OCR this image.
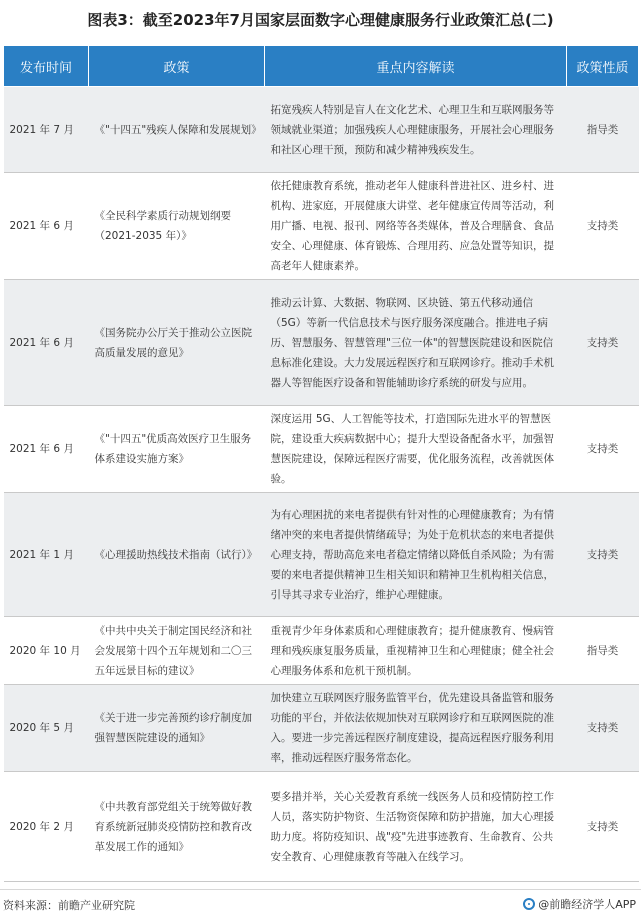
图表3：截至2023年7月国家层面数字心理健康服务行业政策汇总(二)
发布时间	政策	重点内容解读	政策性质
2021 年 7 月	《"十四五"残疾人保障和发展规划》	拓宽残疾人特别是盲人在文化艺术、心理卫生和互联网服务等领域就业渠道；加强残疾人心理健康服务，开展社会心理服务和社区心理干预，预防和减少精神残疾发生。	指导类
2021 年 6 月	《全民科学素质行动规划纲要（2021-2035 年）》	依托健康教育系统，推动老年人健康科普进社区、进乡村、进机构、进家庭，开展健康大讲堂、老年健康宣传周等活动，利用广播、电视、报刊、网络等各类媒体，普及合理膳食、食品安全、心理健康、体育锻炼、合理用药、应急处置等知识，提高老年人健康素养。	支持类
2021 年 6 月	《国务院办公厅关于推动公立医院高质量发展的意见》	推动云计算、大数据、物联网、区块链、第五代移动通信（5G）等新一代信息技术与医疗服务深度融合。推进电子病历、智慧服务、智慧管理"三位一体"的智慧医院建设和医院信息标准化建设。大力发展远程医疗和互联网诊疗。推动手术机器人等智能医疗设备和智能辅助诊疗系统的研发与应用。	支持类
2021 年 6 月	《"十四五"优质高效医疗卫生服务体系建设实施方案》	深度运用 5G、人工智能等技术，打造国际先进水平的智慧医院，建设重大疾病数据中心；提升大型设备配备水平，加强智慧医院建设，保障远程医疗需要，优化服务流程，改善就医体验。	支持类
2021 年 1 月	《心理援助热线技术指南（试行）》	为有心理困扰的来电者提供有针对性的心理健康教育；为有情绪冲突的来电者提供情绪疏导；为处于危机状态的来电者提供心理支持，帮助高危来电者稳定情绪以降低自杀风险；为有需要的来电者提供精神卫生相关知识和精神卫生机构相关信息，引导其寻求专业治疗，维护心理健康。	支持类
2020 年 10 月	《中共中央关于制定国民经济和社会发展第十四个五年规划和二〇三五年远景目标的建议》	重视青少年身体素质和心理健康教育；提升健康教育、慢病管理和残疾康复服务质量，重视精神卫生和心理健康；健全社会心理服务体系和危机干预机制。	指导类
2020 年 5 月	《关于进一步完善预约诊疗制度加强智慧医院建设的通知》	加快建立互联网医疗服务监管平台，优先建设具备监管和服务功能的平台，并依法依规加快对互联网诊疗和互联网医院的准入。要进一步完善远程医疗制度建设，提高远程医疗服务利用率，推动远程医疗服务常态化。	支持类
2020 年 2 月	《中共教育部党组关于统筹做好教育系统新冠肺炎疫情防控和教育改革发展工作的通知》	要多措并举，关心关爱教育系统一线医务人员和疫情防控工作人员，落实防护物资、生活物资保障和防护措施，加大心理援助力度。将防疫知识、战"疫"先进事迹教育、生命教育、公共安全教育、心理健康教育等融入在线学习。	支持类
资料来源：前瞻产业研究院	@前瞻经济学人APP
